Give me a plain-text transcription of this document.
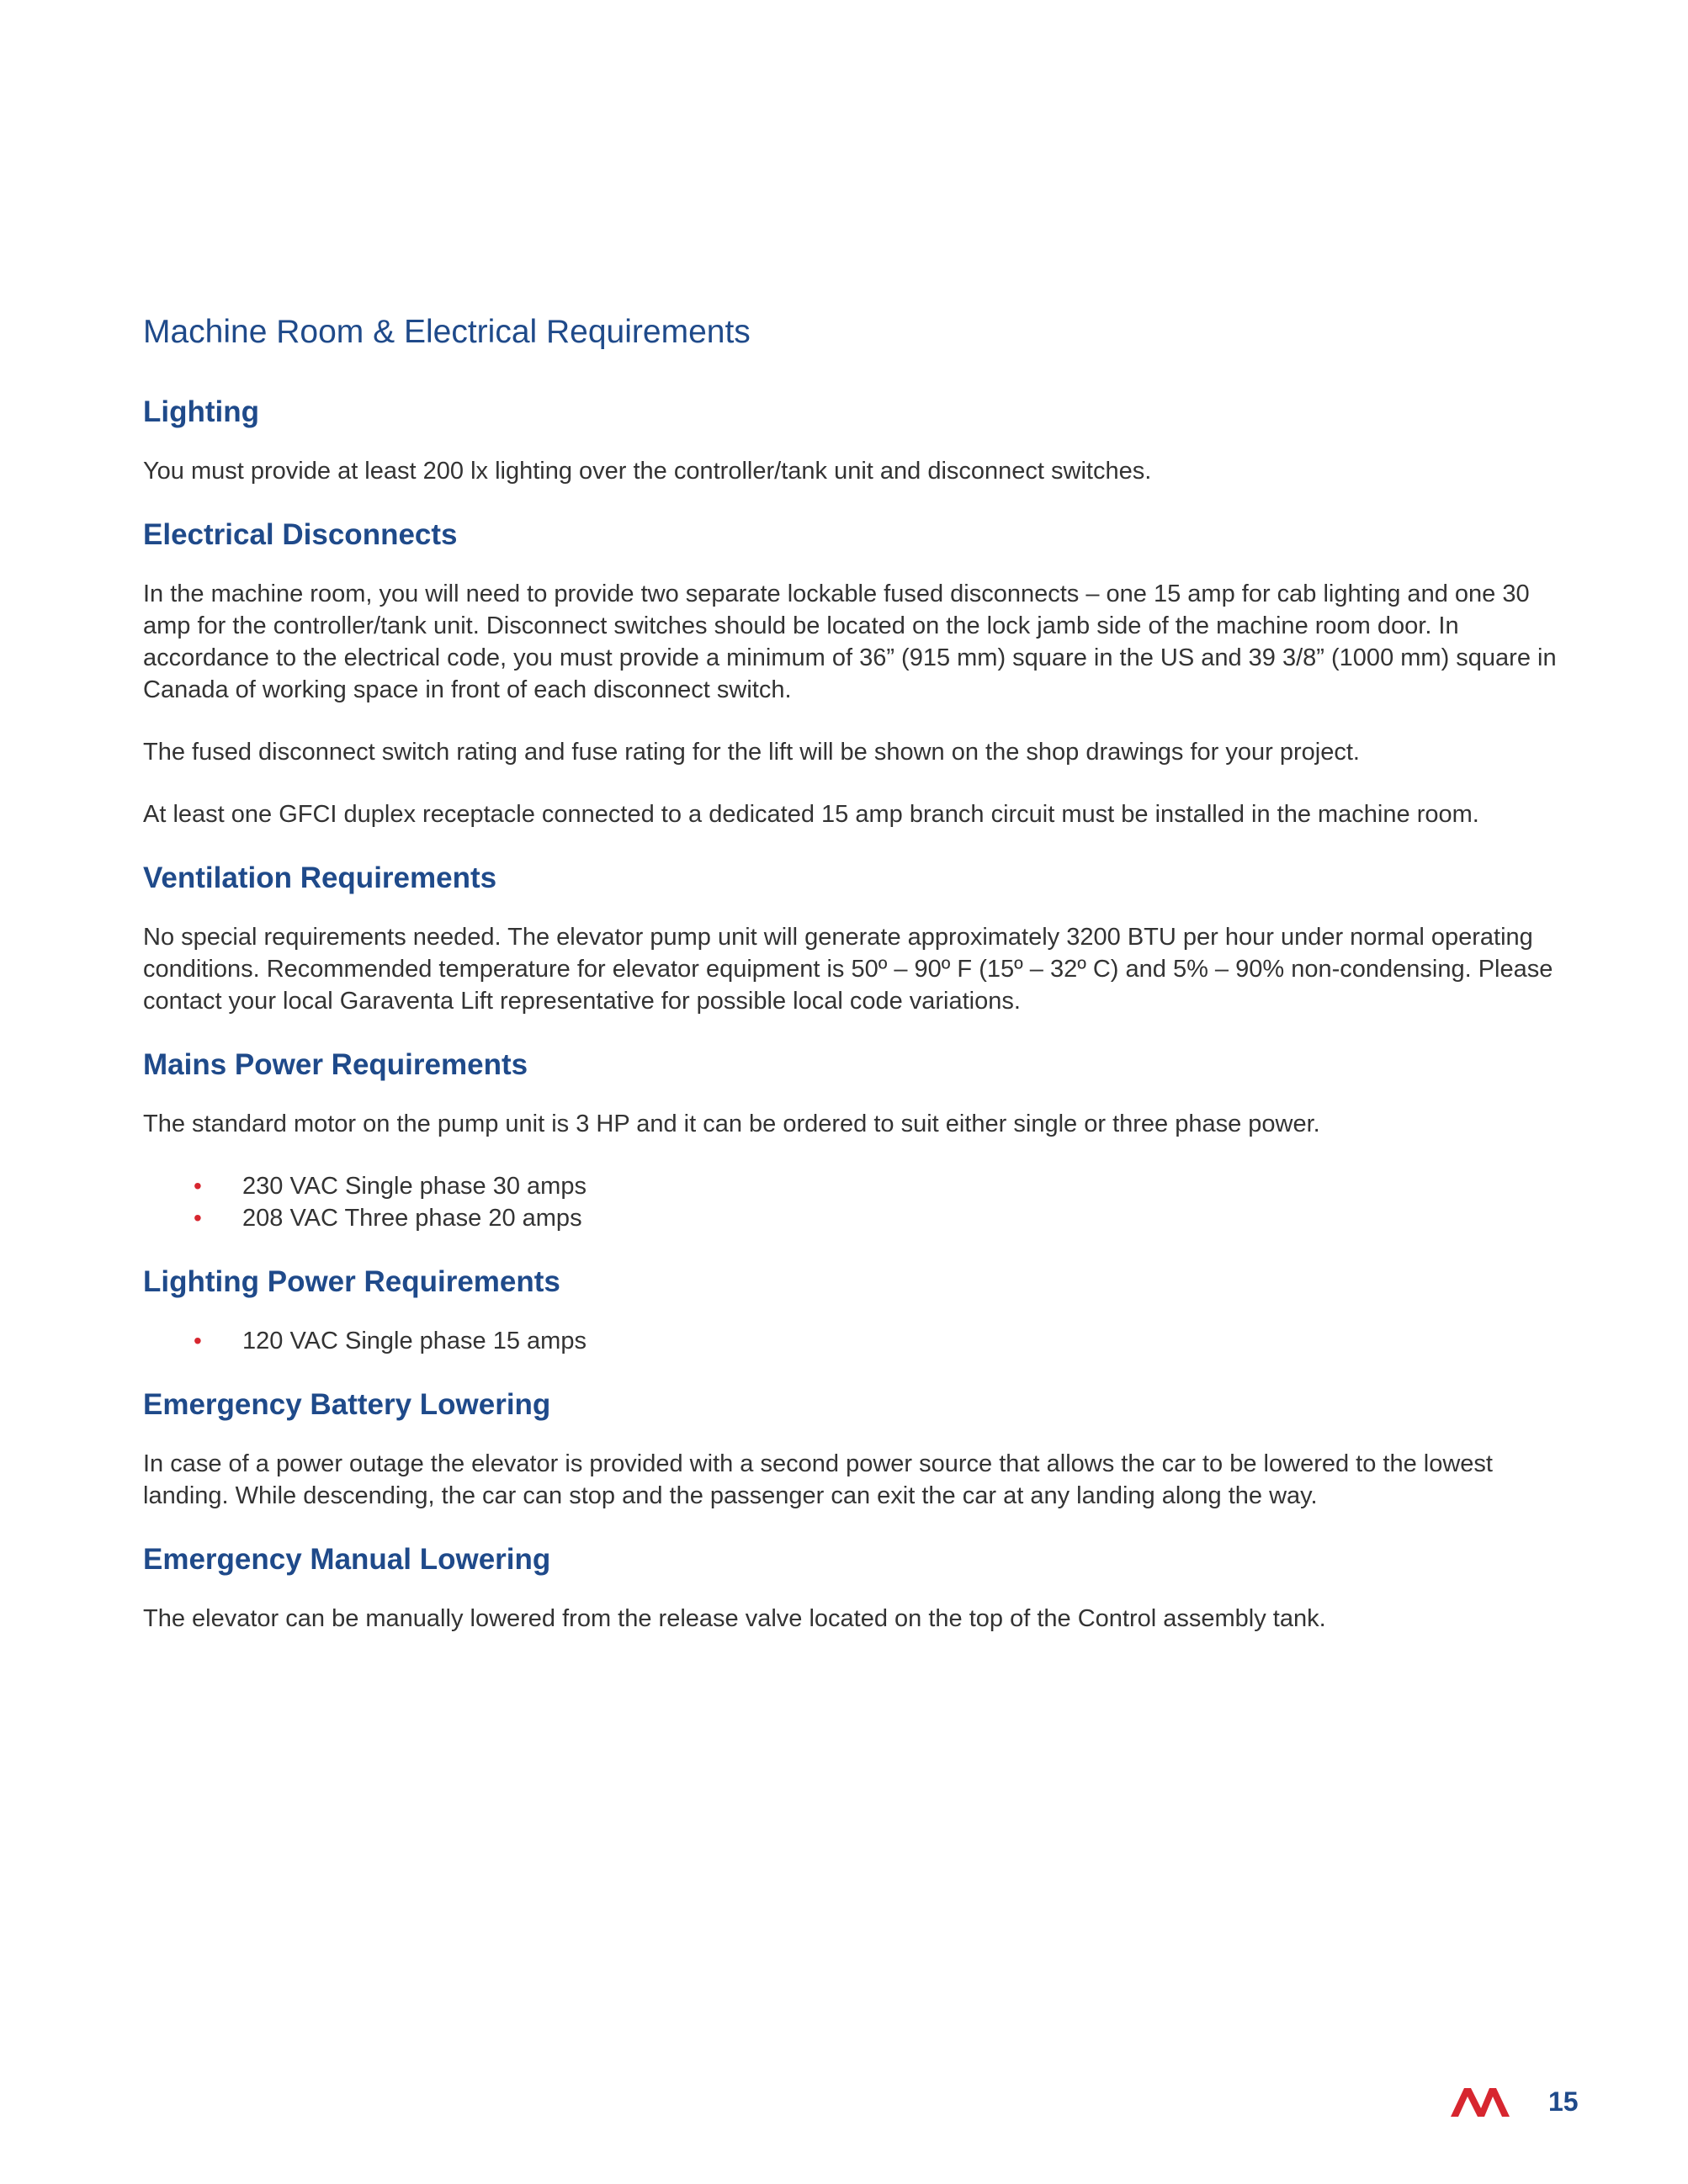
Machine Room & Electrical Requirements
Lighting

You must provide at least 200 lx lighting over the controller/tank unit and disconnect switches.

Electrical Disconnects

In the machine room, you will need to provide two separate lockable fused disconnects – one 15 amp for cab lighting and one 30 amp for the controller/tank unit. Disconnect switches should be located on the lock jamb side of the machine room door. In accordance to the electrical code, you must provide a minimum of 36” (915 mm) square in the US and 39 3/8” (1000 mm) square in Canada of working space in front of each disconnect switch.

The fused disconnect switch rating and fuse rating for the lift will be shown on the shop drawings for your project.

At least one GFCI duplex receptacle connected to a dedicated 15 amp branch circuit must be installed in the machine room.

Ventilation Requirements

No special requirements needed. The elevator pump unit will generate approximately 3200 BTU per hour under normal operating conditions. Recommended temperature for elevator equipment is 50º – 90º F (15º – 32º C) and 5% – 90% non-condensing. Please contact your local Garaventa Lift representative for possible local code variations.

Mains Power Requirements

The standard motor on the pump unit is 3 HP and it can be ordered to suit either single or three phase power.

• 230 VAC Single phase 30 amps
• 208 VAC Three phase 20 amps
Lighting Power Requirements
• 120 VAC Single phase 15 amps
Emergency Battery Lowering

In case of a power outage the elevator is provided with a second power source that allows the car to be lowered to the lowest landing. While descending, the car can stop and the passenger can exit the car at any landing along the way.

Emergency Manual Lowering

The elevator can be manually lowered from the release valve located on the top of the Control assembly tank.

15
